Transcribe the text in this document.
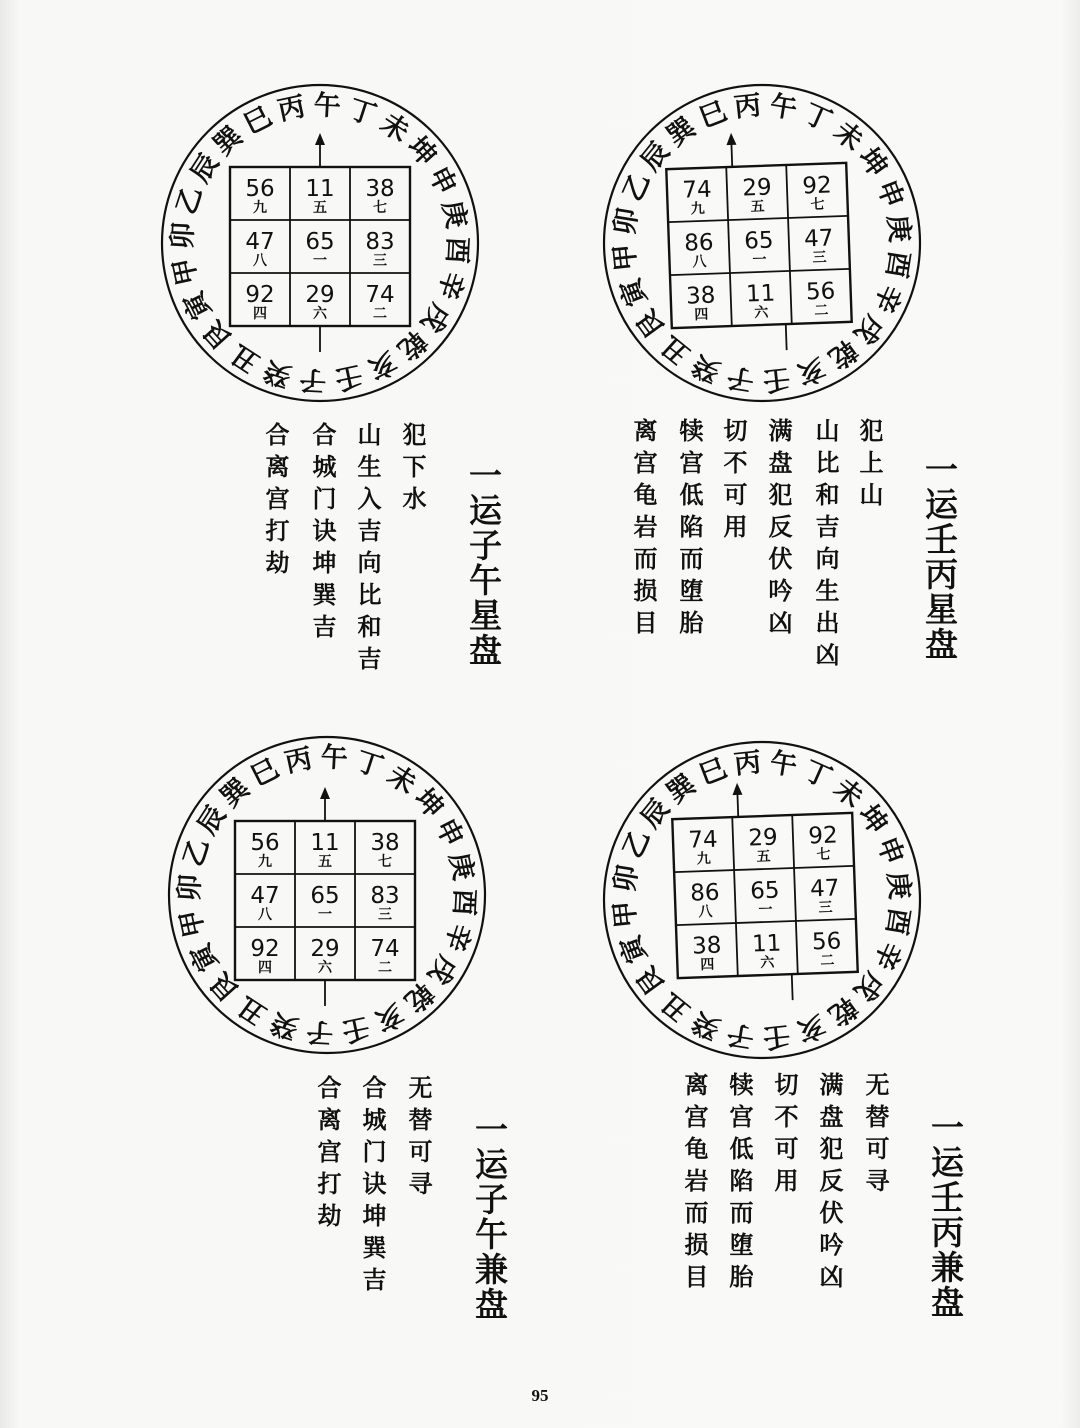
乙
辰
巽
巳
丙 午 丁
未
坤
申
庚
酉
辛
戌
乾
亥
壬
子
癸
丑
艮
寅
甲
卯
56
九
11
五
38
七
47
八
65
一
83
三
92
四
29
六
74
二
乙
辰
巽
巳 丙 午 丁
未
坤
申
庚
酉
辛
戌
乾
亥
壬
子
癸
丑
艮
寅
甲
卯
74
九
29
五
92
七
86
八
65
一
47
三
38
四
11
六
56
二
乙
辰
巽
巳
丙 午 丁
未
坤
申
庚
酉
辛
戌
乾
亥
壬
子
癸
丑
艮
寅
甲
卯
56
九
11
五
38
七
47
八
65
一
83
三
92
四
29
六
74
二
乙
辰
巽
巳 丙 午 丁
未
坤
申
庚
酉
辛
戌
乾
亥
壬
子
癸
丑
艮
寅
甲
卯
74
九
29
五
92
七
86
八
65
一
47
三
38
四
11
六
56
二
一运子午星盘
犯下水
山生入吉向比和吉
合城门诀坤巽吉
合离宫打劫	一运壬丙星盘
犯上山
山比和吉向生出凶
满盘犯反伏吟凶
切不可用
犊宫低陷而堕胎
离宫龟岩而损目
一运子午兼盘
无替可寻
合城门诀坤巽吉
合离宫打劫	一运壬丙兼盘
无替可寻
满盘犯反伏吟凶
切不可用
犊宫低陷而堕胎
离宫龟岩而损目
95
